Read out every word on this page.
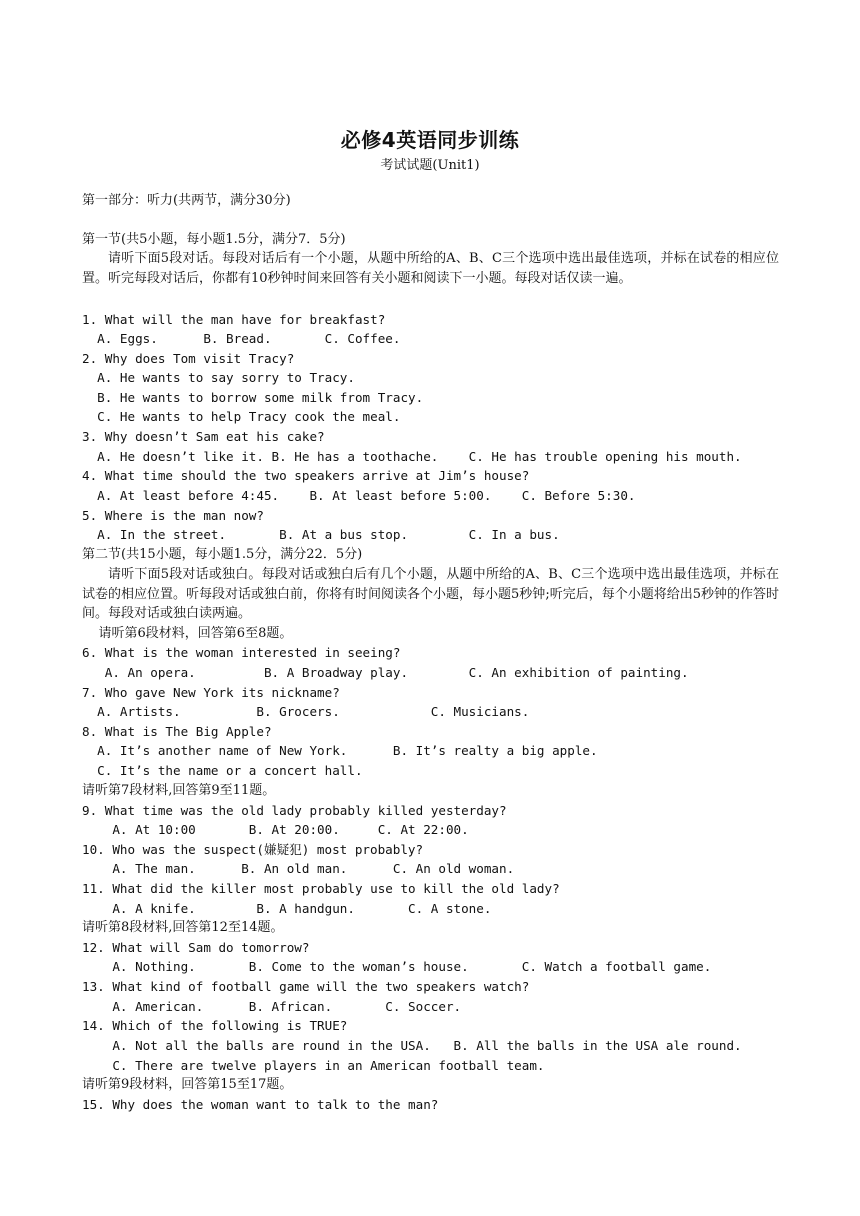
必修4英语同步训练
考试试题(Unit1)
第一部分：听力(共两节，满分30分)
第一节(共5小题，每小题1.5分，满分7．5分)
请听下面5段对话。每段对话后有一个小题，从题中所给的A、B、C三个选项中选出最佳选项，并标在试卷的相应位置。听完每段对话后，你都有10秒钟时间来回答有关小题和阅读下一小题。每段对话仅读一遍。
1. What will the man have for breakfast?
A. Eggs.      B. Bread.       C. Coffee.
2. Why does Tom visit Tracy?
A. He wants to say sorry to Tracy.
B. He wants to borrow some milk from Tracy.
C. He wants to help Tracy cook the meal.
3. Why doesn’t Sam eat his cake?
A. He doesn’t like it. B. He has a toothache.    C. He has trouble opening his mouth.
4. What time should the two speakers arrive at Jim’s house?
A. At least before 4:45.    B. At least before 5:00.    C. Before 5:30.
5. Where is the man now?
A. In the street.       B. At a bus stop.        C. In a bus.
第二节(共15小题，每小题1.5分，满分22．5分)
请听下面5段对话或独白。每段对话或独白后有几个小题，从题中所给的A、B、C三个选项中选出最佳选项，并标在试卷的相应位置。听每段对话或独白前，你将有时间阅读各个小题，每小题5秒钟;听完后，每个小题将给出5秒钟的作答时间。每段对话或独白读两遍。
请听第6段材料，回答第6至8题。
6. What is the woman interested in seeing?
A. An opera.         B. A Broadway play.        C. An exhibition of painting.
7. Who gave New York its nickname?
A. Artists.          B. Grocers.            C. Musicians.
8. What is The Big Apple?
A. It’s another name of New York.      B. It’s realty a big apple.
C. It’s the name or a concert hall.
请听第7段材料,回答第9至11题。
9. What time was the old lady probably killed yesterday?
A. At 10:00       B. At 20:00.     C. At 22:00.
10. Who was the suspect(嫌疑犯) most probably?
A. The man.      B. An old man.      C. An old woman.
11. What did the killer most probably use to kill the old lady?
A. A knife.        B. A handgun.       C. A stone.
请听第8段材料,回答第12至14题。
12. What will Sam do tomorrow?
A. Nothing.       B. Come to the woman’s house.       C. Watch a football game.
13. What kind of football game will the two speakers watch?
A. American.      B. African.       C. Soccer.
14. Which of the following is TRUE?
A. Not all the balls are round in the USA.   B. All the balls in the USA ale round.
C. There are twelve players in an American football team.
请听第9段材料，回答第15至17题。
15. Why does the woman want to talk to the man?
